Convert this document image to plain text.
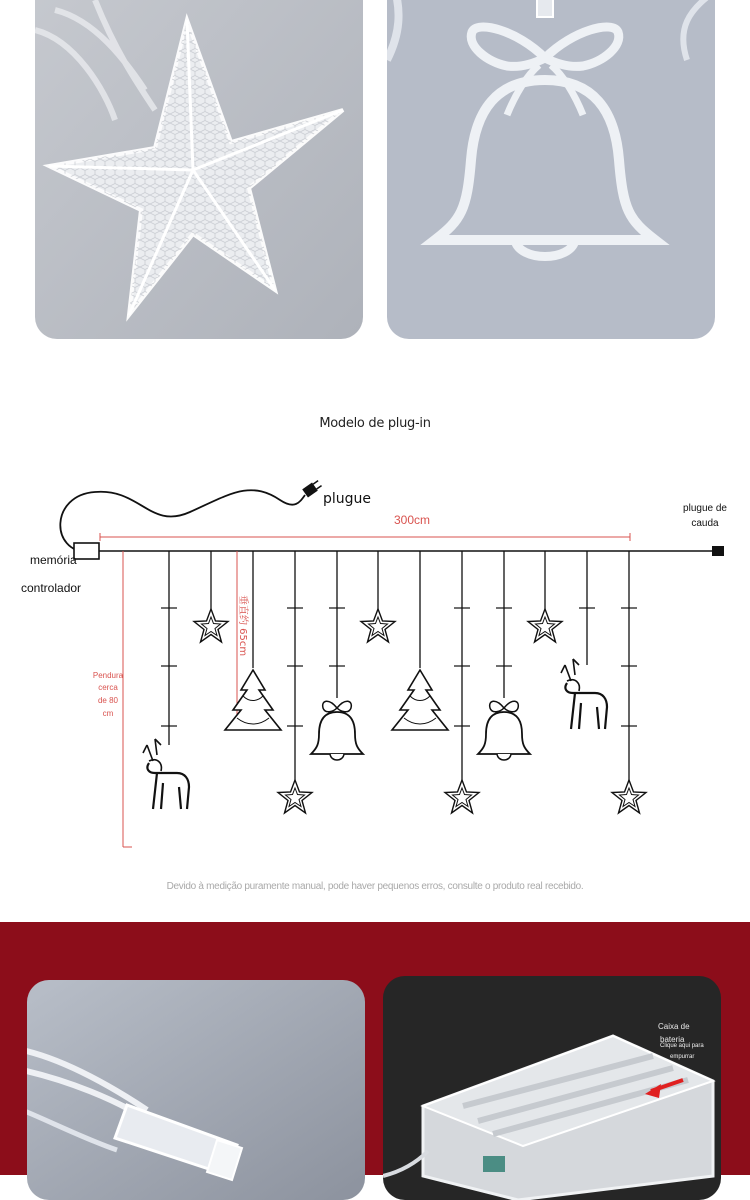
Modelo de plug-in
plugue
300cm
plugue de
cauda
memória
controlador
垂直约 65cm
Pendura
cerca
de 80
cm
Devido à medição puramente manual, pode haver pequenos erros, consulte o produto real recebido.
Caixa de
bateria
Clique aqui para
empurrar
